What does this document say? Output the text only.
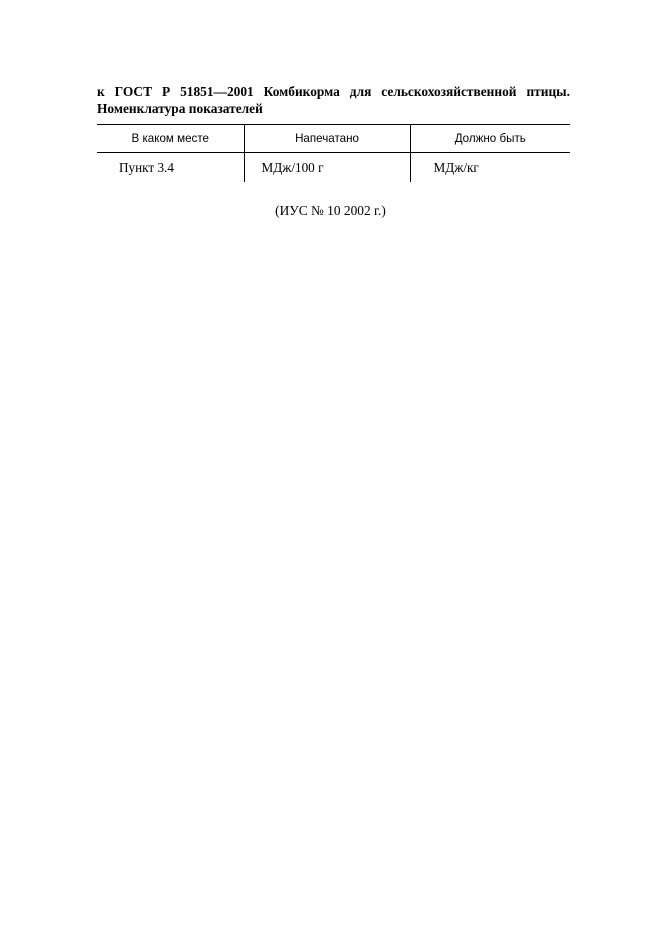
к ГОСТ Р 51851—2001 Комбикорма для сельскохозяйственной птицы.
Номенклатура показателей

В каком месте	Напечатано	Должно быть
Пункт 3.4	МДж/100 г	МДж/кг

(ИУС № 10 2002 г.)
